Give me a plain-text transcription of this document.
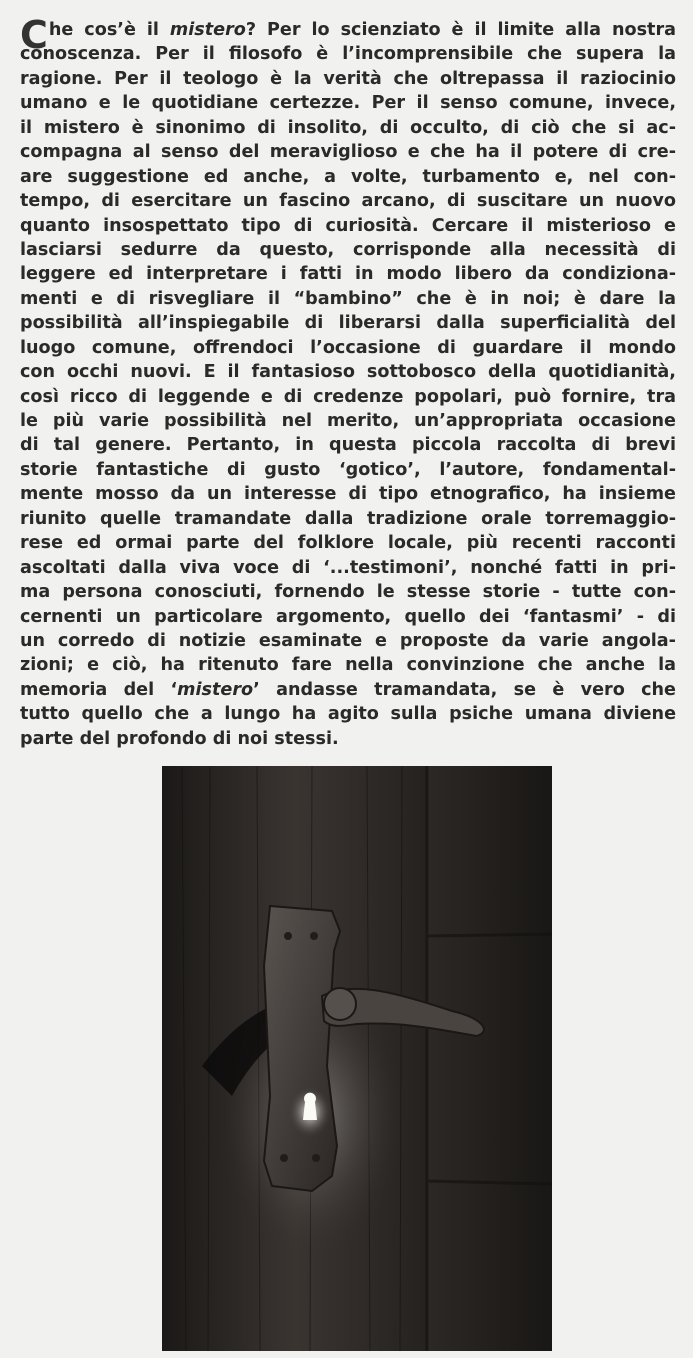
Che cos’è il mistero? Per lo scienziato è il limite alla nostra
conoscenza. Per il filosofo è l’incomprensibile che supera la
ragione. Per il teologo è la verità che oltrepassa il raziocinio
umano e le quotidiane certezze. Per il senso comune, invece,
il mistero è sinonimo di insolito, di occulto, di ciò che si ac-
compagna al senso del meraviglioso e che ha il potere di cre-
are suggestione ed anche, a volte, turbamento e, nel con-
tempo, di esercitare un fascino arcano, di suscitare un nuovo
quanto insospettato tipo di curiosità. Cercare il misterioso e
lasciarsi sedurre da questo, corrisponde alla necessità di
leggere ed interpretare i fatti in modo libero da condiziona-
menti e di risvegliare il “bambino” che è in noi; è dare la
possibilità all’inspiegabile di liberarsi dalla superficialità del
luogo comune, offrendoci l’occasione di guardare il mondo
con occhi nuovi. E il fantasioso sottobosco della quotidianità,
così ricco di leggende e di credenze popolari, può fornire, tra
le più varie possibilità nel merito, un’appropriata occasione
di tal genere. Pertanto, in questa piccola raccolta di brevi
storie fantastiche di gusto ‘gotico’, l’autore, fondamental-
mente mosso da un interesse di tipo etnografico, ha insieme
riunito quelle tramandate dalla tradizione orale torremaggio-
rese ed ormai parte del folklore locale, più recenti racconti
ascoltati dalla viva voce di ‘...testimoni’, nonché fatti in pri-
ma persona conosciuti, fornendo le stesse storie - tutte con-
cernenti un particolare argomento, quello dei ‘fantasmi’ - di
un corredo di notizie esaminate e proposte da varie angola-
zioni; e ciò, ha ritenuto fare nella convinzione che anche la
memoria del ‘mistero’ andasse tramandata, se è vero che
tutto quello che a lungo ha agito sulla psiche umana diviene
parte del profondo di noi stessi.
